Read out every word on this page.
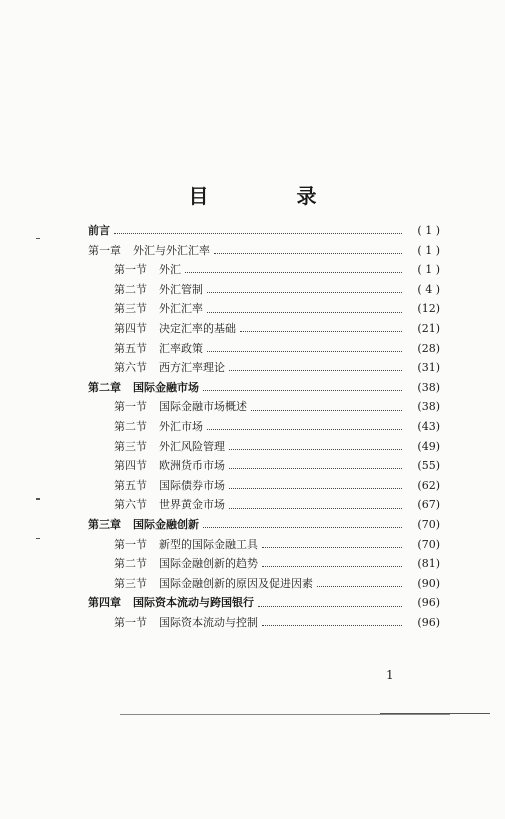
目　录
前言	( 1 )
第一章 外汇与外汇汇率	( 1 )
第一节 外汇	( 1 )
第二节 外汇管制	( 4 )
第三节 外汇汇率	(12)
第四节 决定汇率的基础	(21)
第五节 汇率政策	(28)
第六节 西方汇率理论	(31)
第二章 国际金融市场	(38)
第一节 国际金融市场概述	(38)
第二节 外汇市场	(43)
第三节 外汇风险管理	(49)
第四节 欧洲货币市场	(55)
第五节 国际债券市场	(62)
第六节 世界黄金市场	(67)
第三章 国际金融创新	(70)
第一节 新型的国际金融工具	(70)
第二节 国际金融创新的趋势	(81)
第三节 国际金融创新的原因及促进因素	(90)
第四章 国际资本流动与跨国银行	(96)
第一节 国际资本流动与控制	(96)
1
